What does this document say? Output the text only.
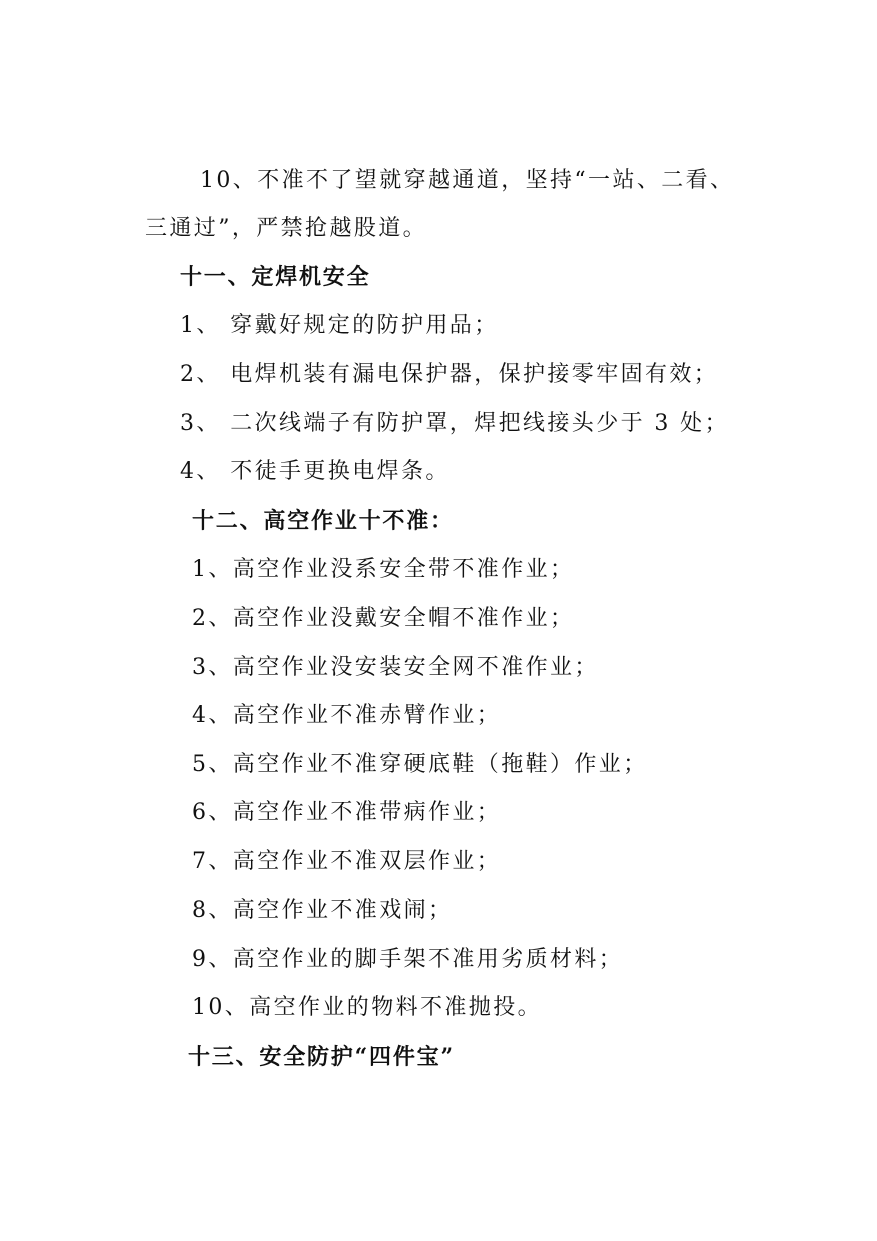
10、不准不了望就穿越通道，坚持“一站、二看、
三通过”，严禁抢越股道。
十一、定焊机安全
1、 穿戴好规定的防护用品；
2、 电焊机装有漏电保护器，保护接零牢固有效；
3、 二次线端子有防护罩，焊把线接头少于 3 处；
4、 不徒手更换电焊条。
十二、高空作业十不准：
1、高空作业没系安全带不准作业；
2、高空作业没戴安全帽不准作业；
3、高空作业没安装安全网不准作业；
4、高空作业不准赤臂作业；
5、高空作业不准穿硬底鞋（拖鞋）作业；
6、高空作业不准带病作业；
7、高空作业不准双层作业；
8、高空作业不准戏闹；
9、高空作业的脚手架不准用劣质材料；
10、高空作业的物料不准抛投。
十三、安全防护“四件宝”
